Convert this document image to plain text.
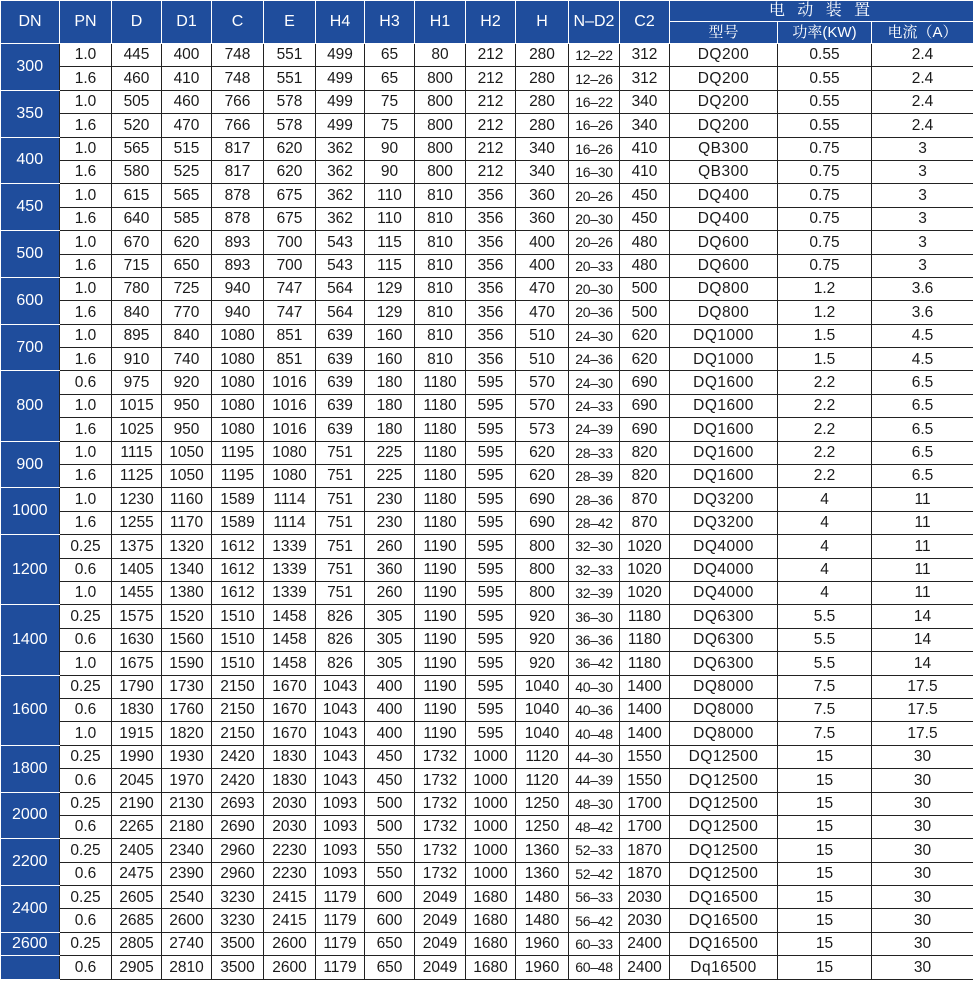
DN	PN	D	D1	C	E	H4	H3	H1	H2	H	N–D2	C2	电 动 装 置		
													型号	功率(KW)	电流（A）
300	1.0	445	400	748	551	499	65	80	212	280	12–22	312	DQ200	0.55	2.4
	1.6	460	410	748	551	499	65	800	212	280	12–26	312	DQ200	0.55	2.4
350	1.0	505	460	766	578	499	75	800	212	280	16–22	340	DQ200	0.55	2.4
	1.6	520	470	766	578	499	75	800	212	280	16–26	340	DQ200	0.55	2.4
400	1.0	565	515	817	620	362	90	800	212	340	16–26	410	QB300	0.75	3
	1.6	580	525	817	620	362	90	800	212	340	16–30	410	QB300	0.75	3
450	1.0	615	565	878	675	362	110	810	356	360	20–26	450	DQ400	0.75	3
	1.6	640	585	878	675	362	110	810	356	360	20–30	450	DQ400	0.75	3
500	1.0	670	620	893	700	543	115	810	356	400	20–26	480	DQ600	0.75	3
	1.6	715	650	893	700	543	115	810	356	400	20–33	480	DQ600	0.75	3
600	1.0	780	725	940	747	564	129	810	356	470	20–30	500	DQ800	1.2	3.6
	1.6	840	770	940	747	564	129	810	356	470	20–36	500	DQ800	1.2	3.6
700	1.0	895	840	1080	851	639	160	810	356	510	24–30	620	DQ1000	1.5	4.5
	1.6	910	740	1080	851	639	160	810	356	510	24–36	620	DQ1000	1.5	4.5
800	0.6	975	920	1080	1016	639	180	1180	595	570	24–30	690	DQ1600	2.2	6.5
	1.0	1015	950	1080	1016	639	180	1180	595	570	24–33	690	DQ1600	2.2	6.5
	1.6	1025	950	1080	1016	639	180	1180	595	573	24–39	690	DQ1600	2.2	6.5
900	1.0	1115	1050	1195	1080	751	225	1180	595	620	28–33	820	DQ1600	2.2	6.5
	1.6	1125	1050	1195	1080	751	225	1180	595	620	28–39	820	DQ1600	2.2	6.5
1000	1.0	1230	1160	1589	1114	751	230	1180	595	690	28–36	870	DQ3200	4	11
	1.6	1255	1170	1589	1114	751	230	1180	595	690	28–42	870	DQ3200	4	11
1200	0.25	1375	1320	1612	1339	751	260	1190	595	800	32–30	1020	DQ4000	4	11
	0.6	1405	1340	1612	1339	751	360	1190	595	800	32–33	1020	DQ4000	4	11
	1.0	1455	1380	1612	1339	751	260	1190	595	800	32–39	1020	DQ4000	4	11
1400	0.25	1575	1520	1510	1458	826	305	1190	595	920	36–30	1180	DQ6300	5.5	14
	0.6	1630	1560	1510	1458	826	305	1190	595	920	36–36	1180	DQ6300	5.5	14
	1.0	1675	1590	1510	1458	826	305	1190	595	920	36–42	1180	DQ6300	5.5	14
1600	0.25	1790	1730	2150	1670	1043	400	1190	595	1040	40–30	1400	DQ8000	7.5	17.5
	0.6	1830	1760	2150	1670	1043	400	1190	595	1040	40–36	1400	DQ8000	7.5	17.5
	1.0	1915	1820	2150	1670	1043	400	1190	595	1040	40–48	1400	DQ8000	7.5	17.5
1800	0.25	1990	1930	2420	1830	1043	450	1732	1000	1120	44–30	1550	DQ12500	15	30
	0.6	2045	1970	2420	1830	1043	450	1732	1000	1120	44–39	1550	DQ12500	15	30
2000	0.25	2190	2130	2693	2030	1093	500	1732	1000	1250	48–30	1700	DQ12500	15	30
	0.6	2265	2180	2690	2030	1093	500	1732	1000	1250	48–42	1700	DQ12500	15	30
2200	0.25	2405	2340	2960	2230	1093	550	1732	1000	1360	52–33	1870	DQ12500	15	30
	0.6	2475	2390	2960	2230	1093	550	1732	1000	1360	52–42	1870	DQ12500	15	30
2400	0.25	2605	2540	3230	2415	1179	600	2049	1680	1480	56–33	2030	DQ16500	15	30
	0.6	2685	2600	3230	2415	1179	600	2049	1680	1480	56–42	2030	DQ16500	15	30
2600	0.25	2805	2740	3500	2600	1179	650	2049	1680	1960	60–33	2400	DQ16500	15	30
	0.6	2905	2810	3500	2600	1179	650	2049	1680	1960	60–48	2400	Dq16500	15	30
